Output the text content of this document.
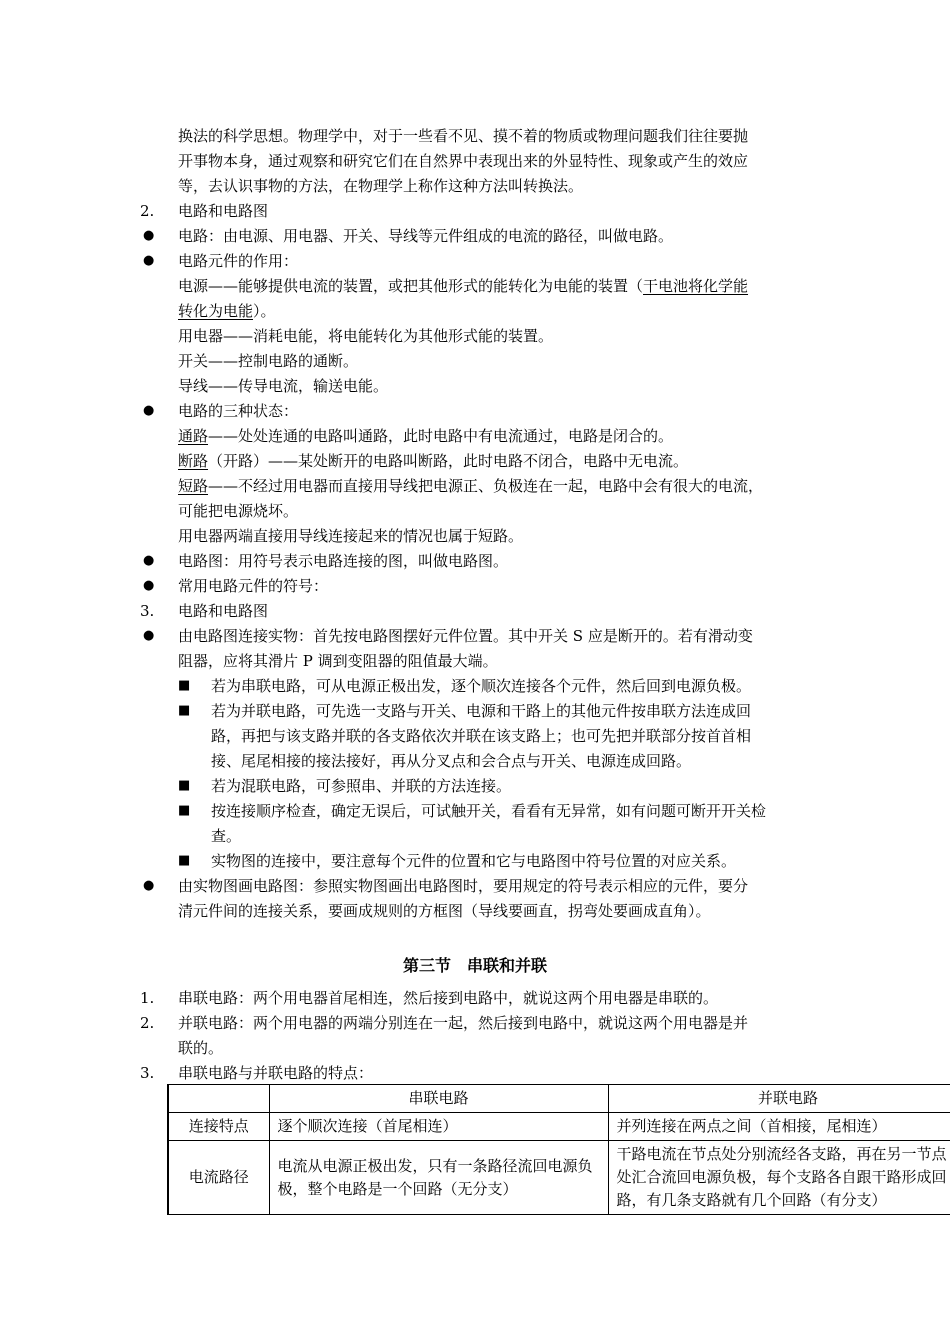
换法的科学思想。物理学中，对于一些看不见、摸不着的物质或物理问题我们往往要抛
开事物本身，通过观察和研究它们在自然界中表现出来的外显特性、现象或产生的效应
等，去认识事物的方法，在物理学上称作这种方法叫转换法。
2. 电路和电路图
● 电路：由电源、用电器、开关、导线等元件组成的电流的路径，叫做电路。
● 电路元件的作用：
电源——能够提供电流的装置，或把其他形式的能转化为电能的装置（干电池将化学能
转化为电能）。
用电器——消耗电能，将电能转化为其他形式能的装置。
开关——控制电路的通断。
导线——传导电流，输送电能。
● 电路的三种状态：
通路——处处连通的电路叫通路，此时电路中有电流通过，电路是闭合的。
断路（开路）——某处断开的电路叫断路，此时电路不闭合，电路中无电流。
短路——不经过用电器而直接用导线把电源正、负极连在一起，电路中会有很大的电流，
可能把电源烧坏。
用电器两端直接用导线连接起来的情况也属于短路。
● 电路图：用符号表示电路连接的图，叫做电路图。
● 常用电路元件的符号：
3. 电路和电路图
● 由电路图连接实物：首先按电路图摆好元件位置。其中开关 S 应是断开的。若有滑动变
阻器，应将其滑片 P 调到变阻器的阻值最大端。
■ 若为串联电路，可从电源正极出发，逐个顺次连接各个元件，然后回到电源负极。
■ 若为并联电路，可先选一支路与开关、电源和干路上的其他元件按串联方法连成回
路，再把与该支路并联的各支路依次并联在该支路上；也可先把并联部分按首首相
接、尾尾相接的接法接好，再从分叉点和会合点与开关、电源连成回路。
■ 若为混联电路，可参照串、并联的方法连接。
■ 按连接顺序检查，确定无误后，可试触开关，看看有无异常，如有问题可断开开关检
查。
■ 实物图的连接中，要注意每个元件的位置和它与电路图中符号位置的对应关系。
● 由实物图画电路图：参照实物图画出电路图时，要用规定的符号表示相应的元件，要分
清元件间的连接关系，要画成规则的方框图（导线要画直，拐弯处要画成直角）。
第三节　串联和并联
1. 串联电路：两个用电器首尾相连，然后接到电路中，就说这两个用电器是串联的。
2. 并联电路：两个用电器的两端分别连在一起，然后接到电路中，就说这两个用电器是并
联的。
3. 串联电路与并联电路的特点：
	串联电路	并联电路
连接特点	逐个顺次连接（首尾相连）	并列连接在两点之间（首相接，尾相连）
电流路径	电流从电源正极出发，只有一条路径流回电源负极，整个电路是一个回路（无分支）	干路电流在节点处分别流经各支路，再在另一节点处汇合流回电源负极，每个支路各自跟干路形成回路，有几条支路就有几个回路（有分支）
